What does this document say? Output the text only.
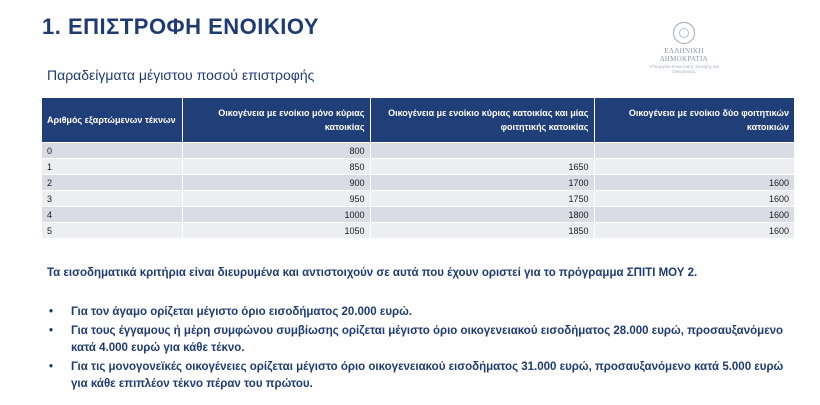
1. ΕΠΙΣΤΡΟΦΗ ΕΝΟΙΚΙΟΥ
ΕΛΛΗΝΙΚΗ ΔΗΜΟΚΡΑΤΙΑ
Υπουργείο Κοινωνικής Συνοχής και Οικογένειας
Παραδείγματα μέγιστου ποσού επιστροφής
Αριθμός εξαρτώμενων τέκνων	Οικογένεια με ενοίκιο μόνο κύριας κατοικίας	Οικογένεια με ενοίκιο κύριας κατοικίας και μίας φοιτητικής κατοικίας	Οικογένεια με ενοίκιο δύο φοιτητικών κατοικιών
0	800		
1	850	1650	
2	900	1700	1600
3	950	1750	1600
4	1000	1800	1600
5	1050	1850	1600
Τα εισοδηματικά κριτήρια είναι διευρυμένα και αντιστοιχούν σε αυτά που έχουν οριστεί για το πρόγραμμα ΣΠΙΤΙ ΜΟΥ 2.
• Για τον άγαμο ορίζεται μέγιστο όριο εισοδήματος 20.000 ευρώ.
• Για τους έγγαμους ή μέρη συμφώνου συμβίωσης ορίζεται μέγιστο όριο οικογενειακού εισοδήματος 28.000 ευρώ, προσαυξανόμενο κατά 4.000 ευρώ για κάθε τέκνο.
• Για τις μονογονεϊκές οικογένειες ορίζεται μέγιστο όριο οικογενειακού εισοδήματος 31.000 ευρώ, προσαυξανόμενο κατά 5.000 ευρώ για κάθε επιπλέον τέκνο πέραν του πρώτου.
